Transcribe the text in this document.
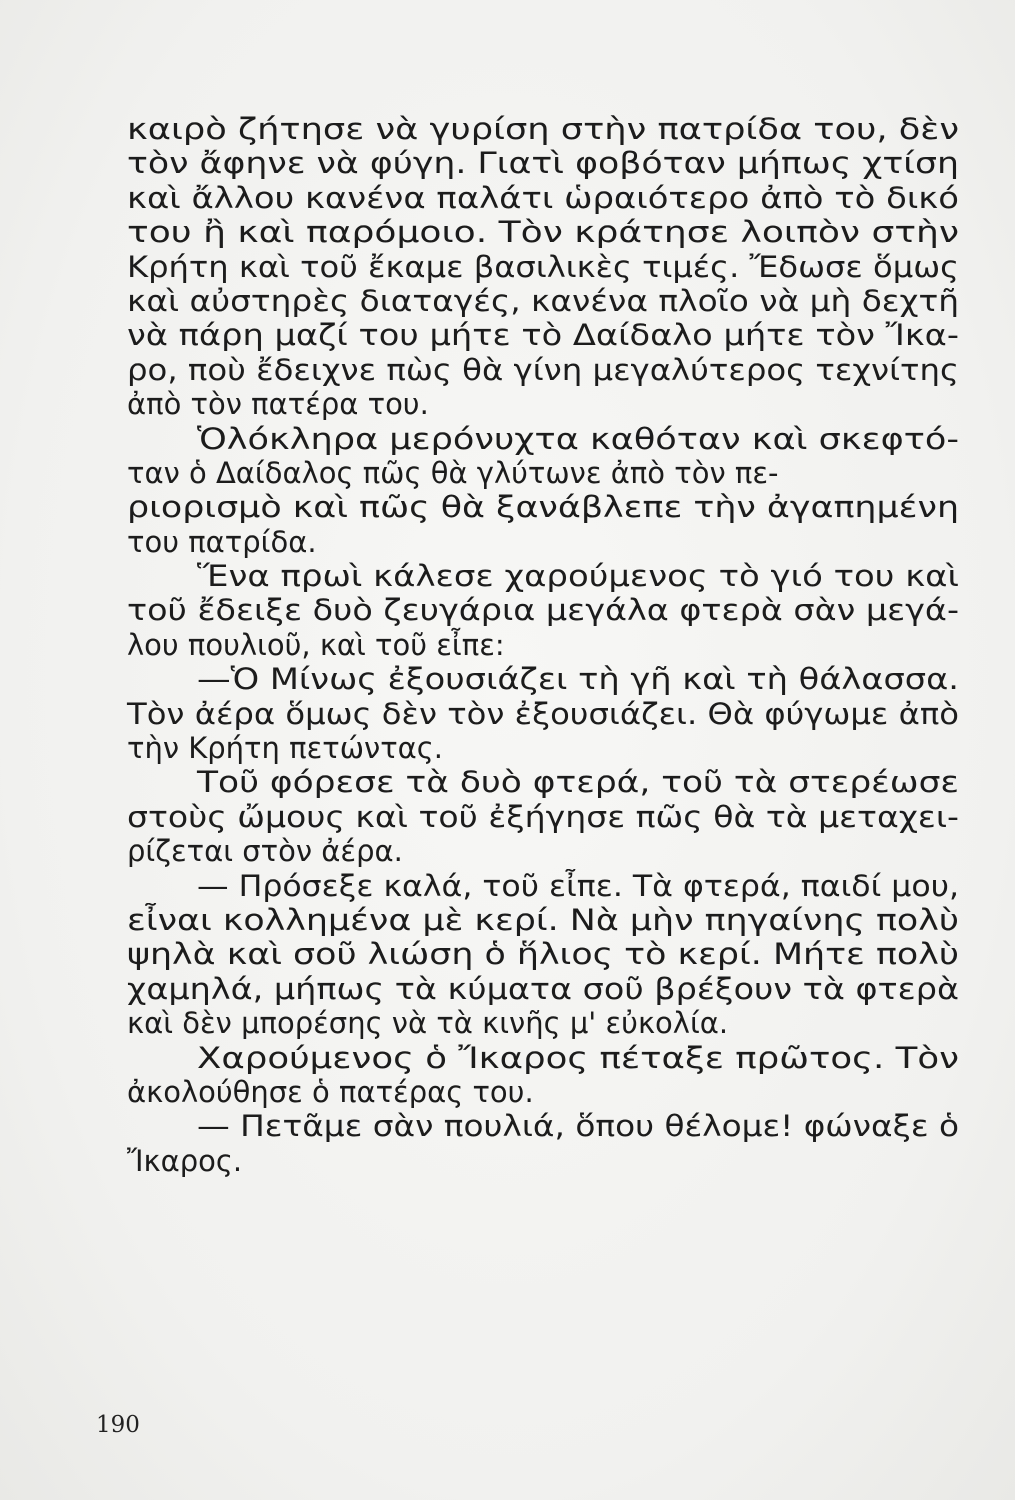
καιρὸ ζήτησε νὰ γυρίση στὴν πατρίδα του, δὲν
τὸν ἄφηνε νὰ φύγη. Γιατὶ φοβόταν μήπως χτίση
καὶ ἄλλου κανένα παλάτι ὡραιότερο ἀπὸ τὸ δικό
του ἢ καὶ παρόμοιο. Τὸν κράτησε λοιπὸν στὴν
Κρήτη καὶ τοῦ ἔκαμε βασιλικὲς τιμές. Ἔδωσε ὅμως
καὶ αὐστηρὲς διαταγές, κανένα πλοῖο νὰ μὴ δεχτῆ
νὰ πάρη μαζί του μήτε τὸ Δαίδαλο μήτε τὸν Ἴκα-
ρο, ποὺ ἔδειχνε πὼς θὰ γίνη μεγαλύτερος τεχνίτης
ἀπὸ τὸν πατέρα του.
Ὁλόκληρα μερόνυχτα καθόταν καὶ σκεφτό-
ταν ὁ Δαίδαλος πῶς θὰ γλύτωνε ἀπὸ τὸν πε-
ριορισμὸ καὶ πῶς θὰ ξανάβλεπε τὴν ἀγαπημένη
του πατρίδα.
Ἕνα πρωὶ κάλεσε χαρούμενος τὸ γιό του καὶ
τοῦ ἔδειξε δυὸ ζευγάρια μεγάλα φτερὰ σὰν μεγά-
λου πουλιοῦ, καὶ τοῦ εἶπε:
—Ὁ Μίνως ἐξουσιάζει τὴ γῆ καὶ τὴ θάλασσα.
Τὸν ἀέρα ὅμως δὲν τὸν ἐξουσιάζει. Θὰ φύγωμε ἀπὸ
τὴν Κρήτη πετώντας.
Τοῦ φόρεσε τὰ δυὸ φτερά, τοῦ τὰ στερέωσε
στοὺς ὤμους καὶ τοῦ ἐξήγησε πῶς θὰ τὰ μεταχει-
ρίζεται στὸν ἀέρα.
— Πρόσεξε καλά, τοῦ εἶπε. Τὰ φτερά, παιδί μου,
εἶναι κολλημένα μὲ κερί. Νὰ μὴν πηγαίνης πολὺ
ψηλὰ καὶ σοῦ λιώση ὁ ἥλιος τὸ κερί. Μήτε πολὺ
χαμηλά, μήπως τὰ κύματα σοῦ βρέξουν τὰ φτερὰ
καὶ δὲν μπορέσης νὰ τὰ κινῆς μ' εὐκολία.
Χαρούμενος ὁ Ἴκαρος πέταξε πρῶτος. Τὸν
ἀκολούθησε ὁ πατέρας του.
— Πετᾶμε σὰν πουλιά, ὅπου θέλομε! φώναξε ὁ
Ἴκαρος.
190
